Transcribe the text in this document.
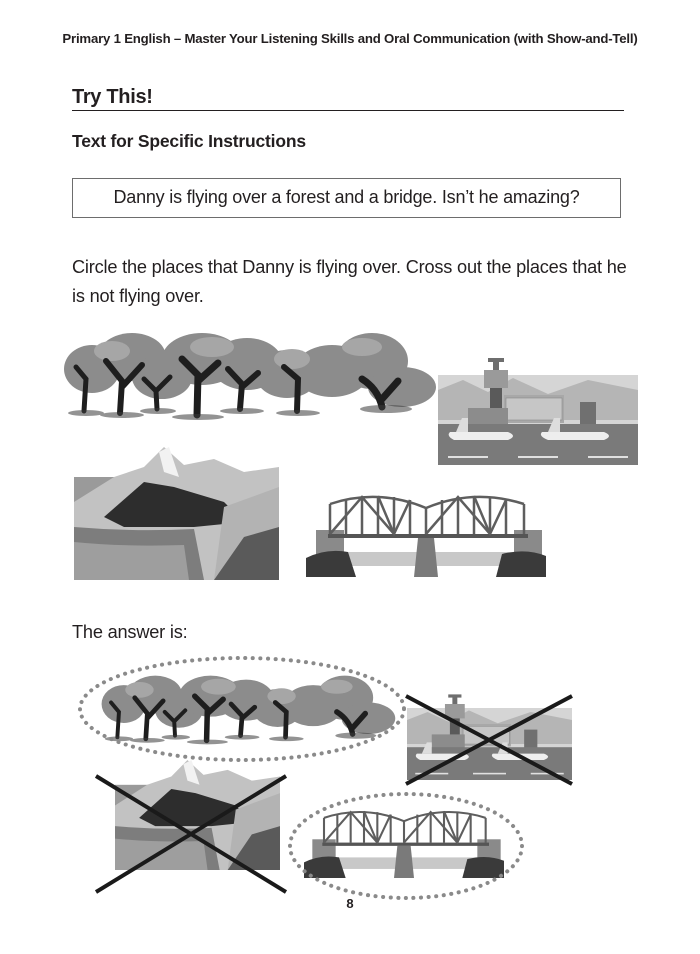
Primary 1 English – Master Your Listening Skills and Oral Communication (with Show-and-Tell)
Try This!
Text for Specific Instructions
Danny is flying over a forest and a bridge. Isn’t he amazing?
Circle the places that Danny is flying over. Cross out the places that he is not flying over.
The answer is:
8
